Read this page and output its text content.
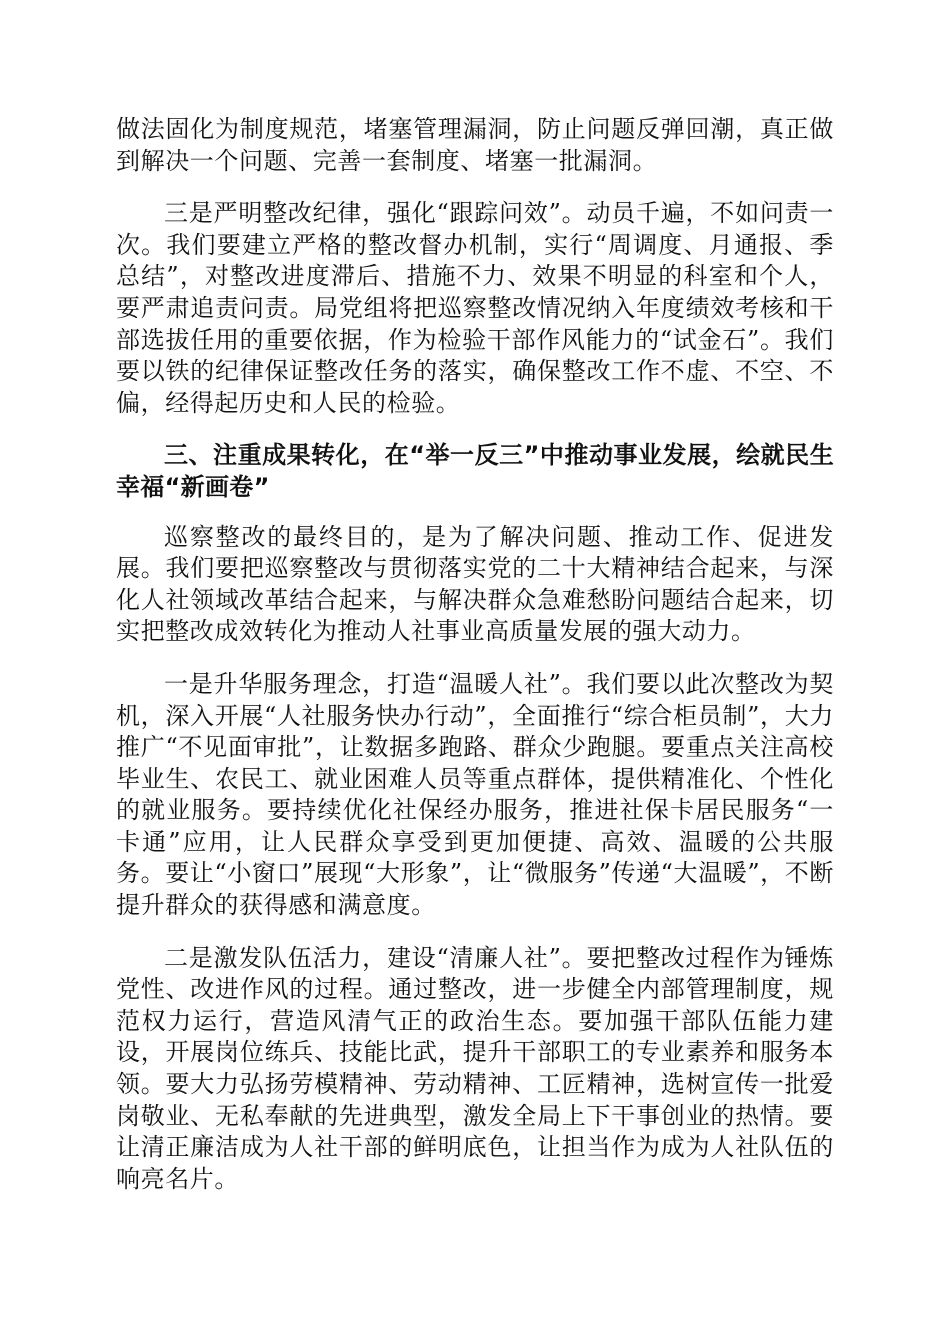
做法固化为制度规范，堵塞管理漏洞，防止问题反弹回潮，真正做到解决一个问题、完善一套制度、堵塞一批漏洞。

三是严明整改纪律，强化“跟踪问效”。动员千遍，不如问责一次。我们要建立严格的整改督办机制，实行“周调度、月通报、季总结”，对整改进度滞后、措施不力、效果不明显的科室和个人，要严肃追责问责。局党组将把巡察整改情况纳入年度绩效考核和干部选拔任用的重要依据，作为检验干部作风能力的“试金石”。我们要以铁的纪律保证整改任务的落实，确保整改工作不虚、不空、不偏，经得起历史和人民的检验。

三、注重成果转化，在“举一反三”中推动事业发展，绘就民生幸福“新画卷”

巡察整改的最终目的，是为了解决问题、推动工作、促进发展。我们要把巡察整改与贯彻落实党的二十大精神结合起来，与深化人社领域改革结合起来，与解决群众急难愁盼问题结合起来，切实把整改成效转化为推动人社事业高质量发展的强大动力。

一是升华服务理念，打造“温暖人社”。我们要以此次整改为契机，深入开展“人社服务快办行动”，全面推行“综合柜员制”，大力推广“不见面审批”，让数据多跑路、群众少跑腿。要重点关注高校毕业生、农民工、就业困难人员等重点群体，提供精准化、个性化的就业服务。要持续优化社保经办服务，推进社保卡居民服务“一卡通”应用，让人民群众享受到更加便捷、高效、温暖的公共服务。要让“小窗口”展现“大形象”，让“微服务”传递“大温暖”，不断提升群众的获得感和满意度。

二是激发队伍活力，建设“清廉人社”。要把整改过程作为锤炼党性、改进作风的过程。通过整改，进一步健全内部管理制度，规范权力运行，营造风清气正的政治生态。要加强干部队伍能力建设，开展岗位练兵、技能比武，提升干部职工的专业素养和服务本领。要大力弘扬劳模精神、劳动精神、工匠精神，选树宣传一批爱岗敬业、无私奉献的先进典型，激发全局上下干事创业的热情。要让清正廉洁成为人社干部的鲜明底色，让担当作为成为人社队伍的响亮名片。
